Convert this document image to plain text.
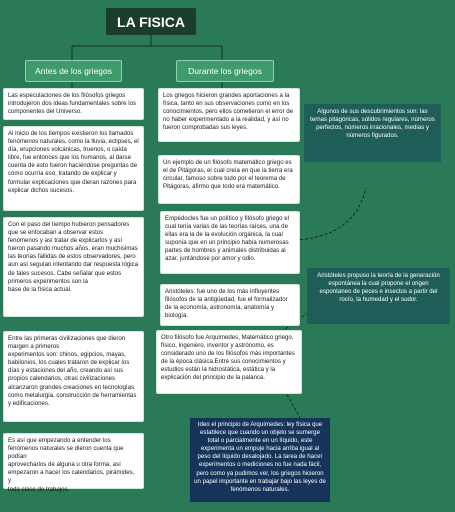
LA FISICA
Antes de los griegos	Durante los griegos
Las especulaciones de los filósofos griegos introdujeron dos ideas fundamentales sobre los componentes del Universo.
Al inicio de los tiempos existieron los llamados fenómenos naturales, como la lluvia, eclipses, el día, erupciones volcánicas, truenos, o caída libre, fue entonces que los humanos, al darse cuenta de esto fueron haciéndose preguntas de cómo ocurría eso, tratando de explicar y formular explicaciones que dieran razones para explicar dichos sucesos.
Con el paso del tiempo hubieron pensadores que se enfocaban a observar estos
fenómenos y así tratar de explicarlos y así fueron pasando muchos años, eran muchisimas
las teorías fallidas de estos observadores, pero aun así seguían intentando dar respuesta lógica de tales sucesos. Cabe señalar que estos primeros experimentos son la
base de la física actual.
Entre las primeras civilizaciones que dieron margen a primeros
experimentos son: chinos, egipcios, mayas, babilonios, los cuales trataron de explicar los
días y estaciones del año, creando así sus propios calendarios, otras civilizaciones alcanzaron grandes creaciones en tecnologías
como metalurgia, construcción de herramientas y edificaciones.
Es así que empezando a entender los fenómenos naturales se dieron cuenta que podían
aprovecharlos de alguna u otra forma, así empezaron a hacer los calendarios, pirámides, y
toda clase de trabajos.
Los griegos hicieron grandes aportaciones a la física, tanto en sus observaciones como en los conocimientos, pero ellos cometieron el error de no haber experimentado a la realidad, y así no fueron comprobadas sus leyes.
Un ejemplo de un filósofo matemático griego es el de Pitágoras, el cual creía en que la tierra era circular, famoso sobre todo por el teorema de Pitágoras, afirmo que todo era matemático.
Empédocles fue un político y filósofo griego el cual tenía varias de las teorías raíces, una de ellas era la de la evolución orgánica, la cual suponía que en un principio había numerosas partes de hombres y animales distribuidas al azar, juntándose por amor y odio.
Aristóteles: fue uno de los más influyentes filósofos de la antigüedad, fue el formalizador de la economía, astronomía, anatomía y biología.
Otro filósofo fue Arquímedes, Matemático griego, físico, ingeniero, inventor y astrónomo, es considerado uno de los filósofos más importantes de la época clásica.Entre sus conocimientos y estudios están la hidrostática, estática y la explicación del principio de la palanca.
Algunos de sus descubrimientos son: las ternas pitagóricas, sólidos regulares, números
perfectos, números irracionales, medias y números figurados.
Aristóteles propuso la teoría de la generación espontánea la cual propone el origen
espontaneo de peces e insectos a partir del rocío, la humedad y el sudor.
Ideo el principio de Arquímedes: ley física que establece que cuando un objeto se sumerge total o parcialmente en un líquido, este experimenta un empuje hacia arriba igual al peso del líquido desalojado. La tarea de hacer experimentos o mediciones no fue nada fácil, pero como ya pudimos ver, los griegos hicieron un papel importante en trabajar bajo las leyes de fenómenos naturales.
